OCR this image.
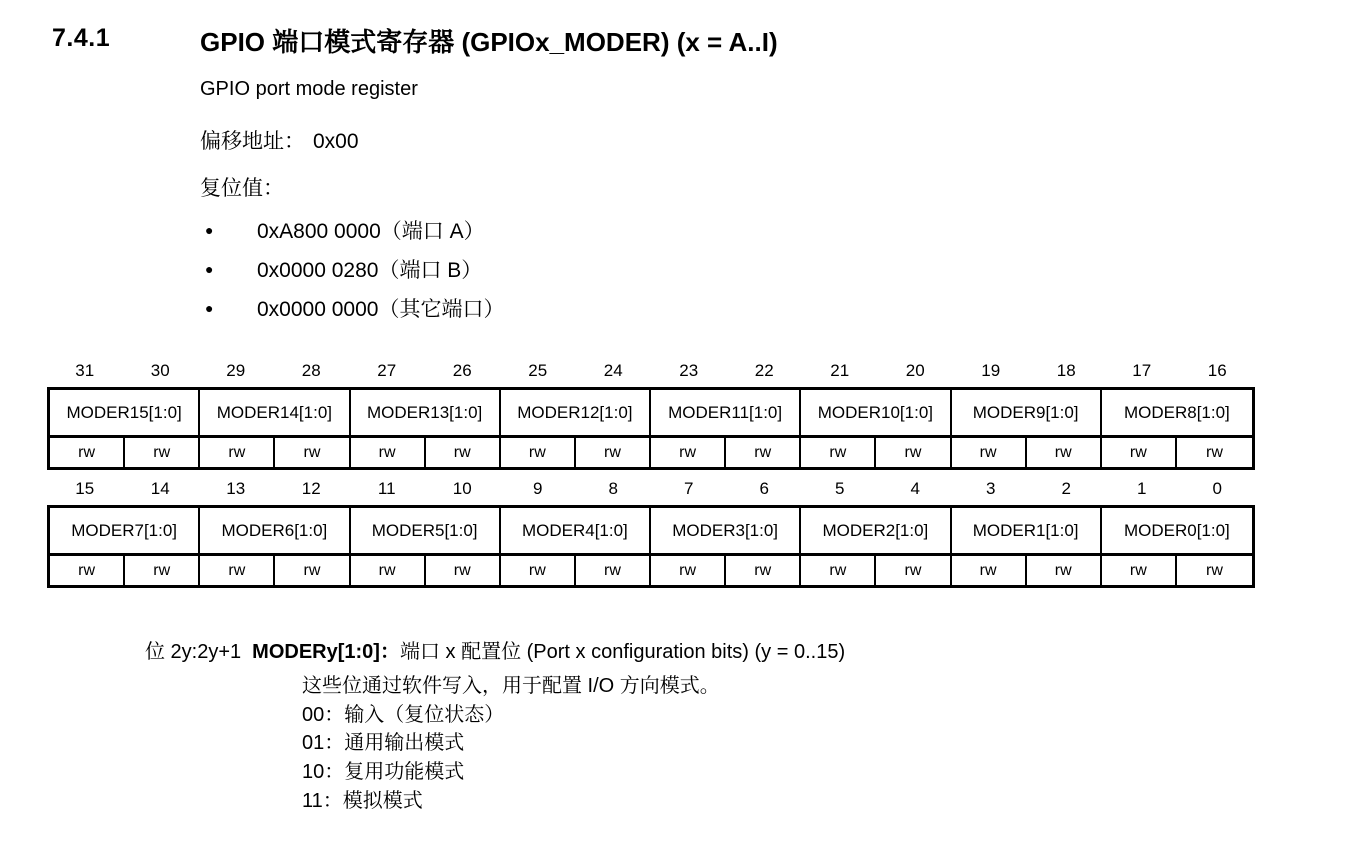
7.4.1	GPIO 端口模式寄存器 (GPIOx_MODER) (x = A..I)
GPIO port mode register
偏移地址： 0x00
复位值：
●	0xA800 0000（端口 A）
●	0x0000 0280（端口 B）
●	0x0000 0000（其它端口）
31	30	29	28	27	26	25	24	23	22	21	20	19	18	17	16
MODER15[1:0]	MODER14[1:0]	MODER13[1:0]	MODER12[1:0]	MODER11[1:0]	MODER10[1:0]	MODER9[1:0]	MODER8[1:0]
rw	rw	rw	rw	rw	rw	rw	rw	rw	rw	rw	rw	rw	rw	rw	rw
15	14	13	12	11	10	9	8	7	6	5	4	3	2	1	0
MODER7[1:0]	MODER6[1:0]	MODER5[1:0]	MODER4[1:0]	MODER3[1:0]	MODER2[1:0]	MODER1[1:0]	MODER0[1:0]
rw	rw	rw	rw	rw	rw	rw	rw	rw	rw	rw	rw	rw	rw	rw	rw
位 2y:2y+1 MODERy[1:0]：端口 x 配置位 (Port x configuration bits) (y = 0..15)
这些位通过软件写入，用于配置 I/O 方向模式。
00：输入（复位状态）
01：通用输出模式
10：复用功能模式
11：模拟模式
